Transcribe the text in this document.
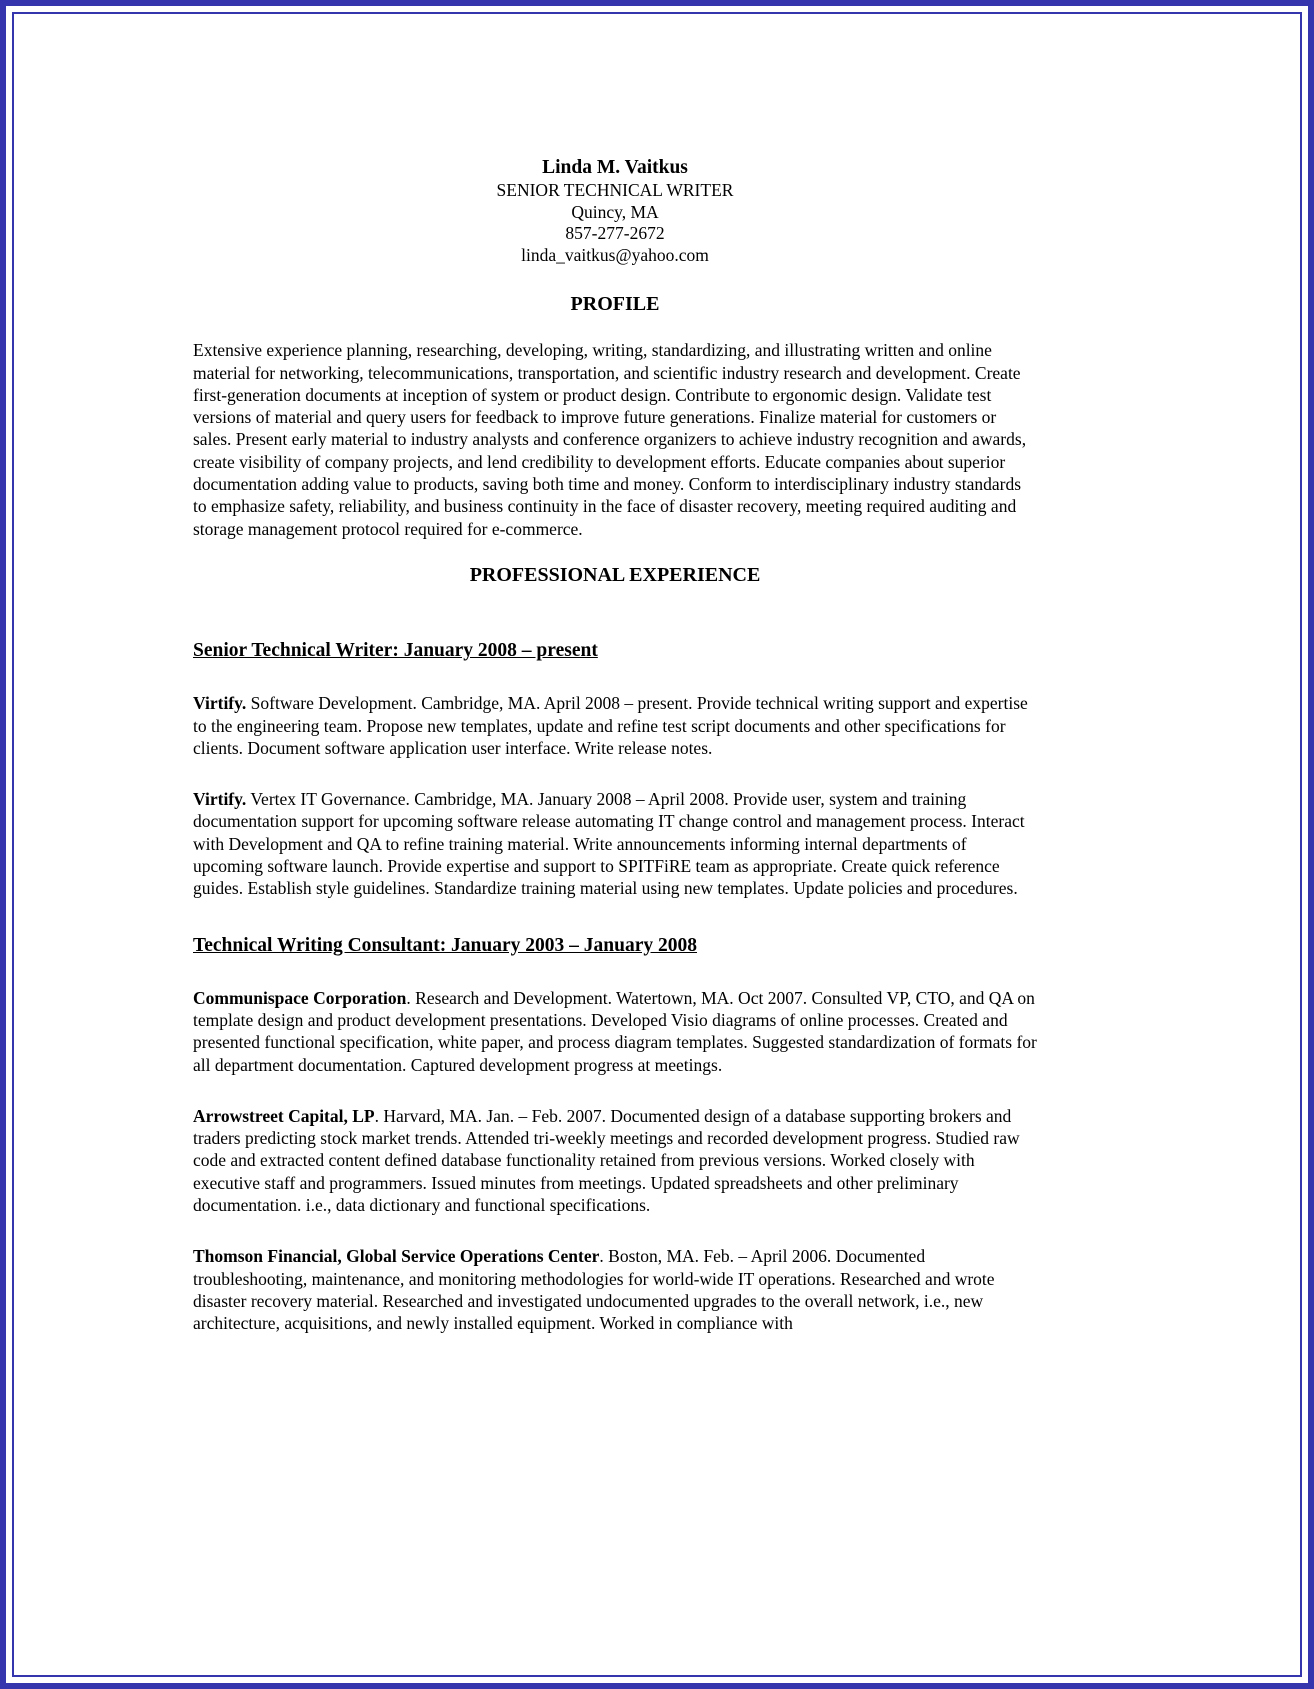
Linda M. Vaitkus
SENIOR TECHNICAL WRITER
Quincy, MA
857-277-2672
linda_vaitkus@yahoo.com
PROFILE

Extensive experience planning, researching, developing, writing, standardizing, and illustrating written and online material for networking, telecommunications, transportation, and scientific industry research and development. Create first-generation documents at inception of system or product design. Contribute to ergonomic design. Validate test versions of material and query users for feedback to improve future generations. Finalize material for customers or sales. Present early material to industry analysts and conference organizers to achieve industry recognition and awards, create visibility of company projects, and lend credibility to development efforts. Educate companies about superior documentation adding value to products, saving both time and money. Conform to interdisciplinary industry standards to emphasize safety, reliability, and business continuity in the face of disaster recovery, meeting required auditing and storage management protocol required for e-commerce.

PROFESSIONAL EXPERIENCE
Senior Technical Writer: January 2008 – present

Virtify. Software Development. Cambridge, MA. April 2008 – present. Provide technical writing support and expertise to the engineering team. Propose new templates, update and refine test script documents and other specifications for clients. Document software application user interface. Write release notes.

Virtify. Vertex IT Governance. Cambridge, MA. January 2008 – April 2008. Provide user, system and training documentation support for upcoming software release automating IT change control and management process. Interact with Development and QA to refine training material. Write announcements informing internal departments of upcoming software launch. Provide expertise and support to SPITFiRE team as appropriate. Create quick reference guides. Establish style guidelines. Standardize training material using new templates. Update policies and procedures.

Technical Writing Consultant: January 2003 – January 2008

Communispace Corporation. Research and Development. Watertown, MA. Oct 2007. Consulted VP, CTO, and QA on template design and product development presentations. Developed Visio diagrams of online processes. Created and presented functional specification, white paper, and process diagram templates. Suggested standardization of formats for all department documentation. Captured development progress at meetings.

Arrowstreet Capital, LP. Harvard, MA. Jan. – Feb. 2007. Documented design of a database supporting brokers and traders predicting stock market trends. Attended tri-weekly meetings and recorded development progress. Studied raw code and extracted content defined database functionality retained from previous versions. Worked closely with executive staff and programmers. Issued minutes from meetings. Updated spreadsheets and other preliminary documentation. i.e., data dictionary and functional specifications.

Thomson Financial, Global Service Operations Center. Boston, MA. Feb. – April 2006. Documented troubleshooting, maintenance, and monitoring methodologies for world-wide IT operations. Researched and wrote disaster recovery material. Researched and investigated undocumented upgrades to the overall network, i.e., new architecture, acquisitions, and newly installed equipment. Worked in compliance with
